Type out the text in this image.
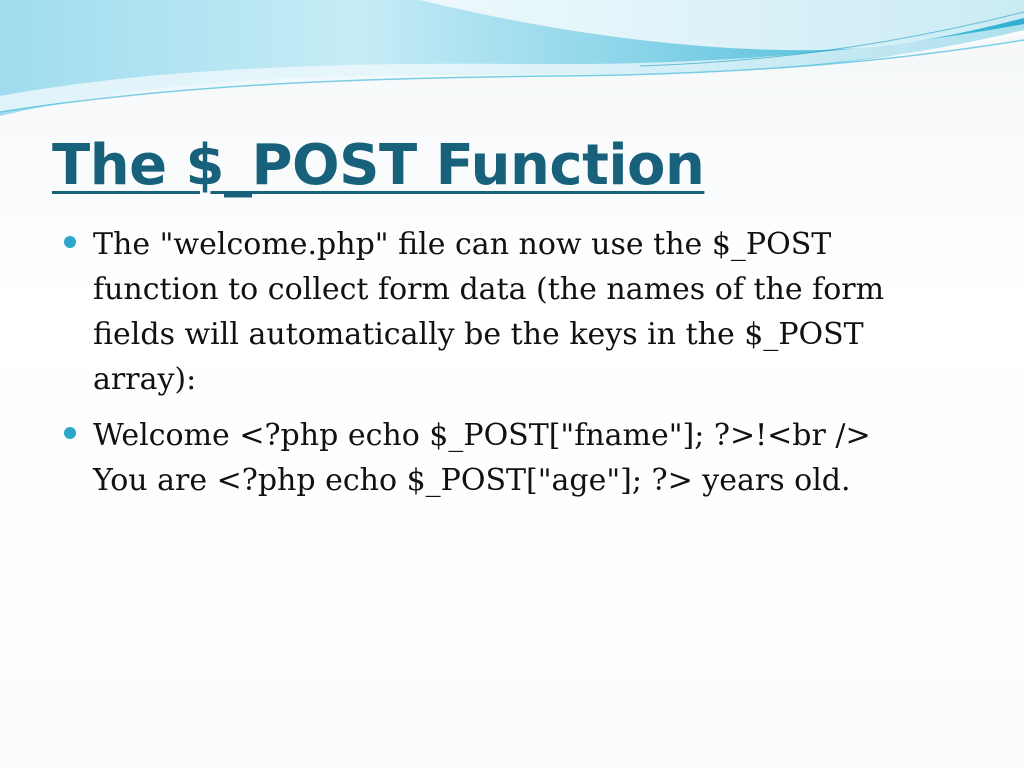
The $_POST Function
The "welcome.php" file can now use the $_POST function to collect form data (the names of the form fields will automatically be the keys in the $_POST array):
Welcome <?php echo $_POST["fname"]; ?>!<br />
You are <?php echo $_POST["age"]; ?> years old.
